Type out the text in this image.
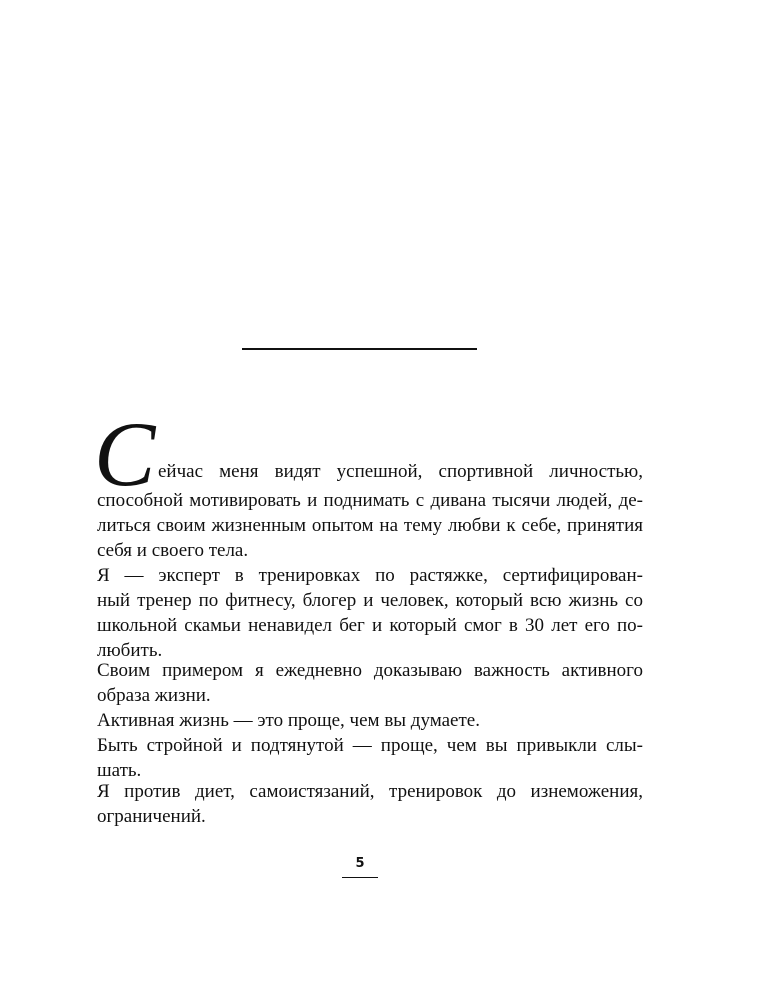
С ейчас меня видят успешной, спортивной личностью,
способной мотивировать и поднимать с дивана тысячи людей, де-
литься своим жизненным опытом на тему любви к себе, принятия
себя и своего тела.
Я — эксперт в тренировках по растяжке, сертифицирован-
ный тренер по фитнесу, блогер и человек, который всю жизнь со
школьной скамьи ненавидел бег и который смог в 30 лет его по-
любить.
Своим примером я ежедневно доказываю важность активного
образа жизни.
Активная жизнь — это проще, чем вы думаете.
Быть стройной и подтянутой — проще, чем вы привыкли слы-
шать.
Я против диет, самоистязаний, тренировок до изнеможения,
ограничений.
5
